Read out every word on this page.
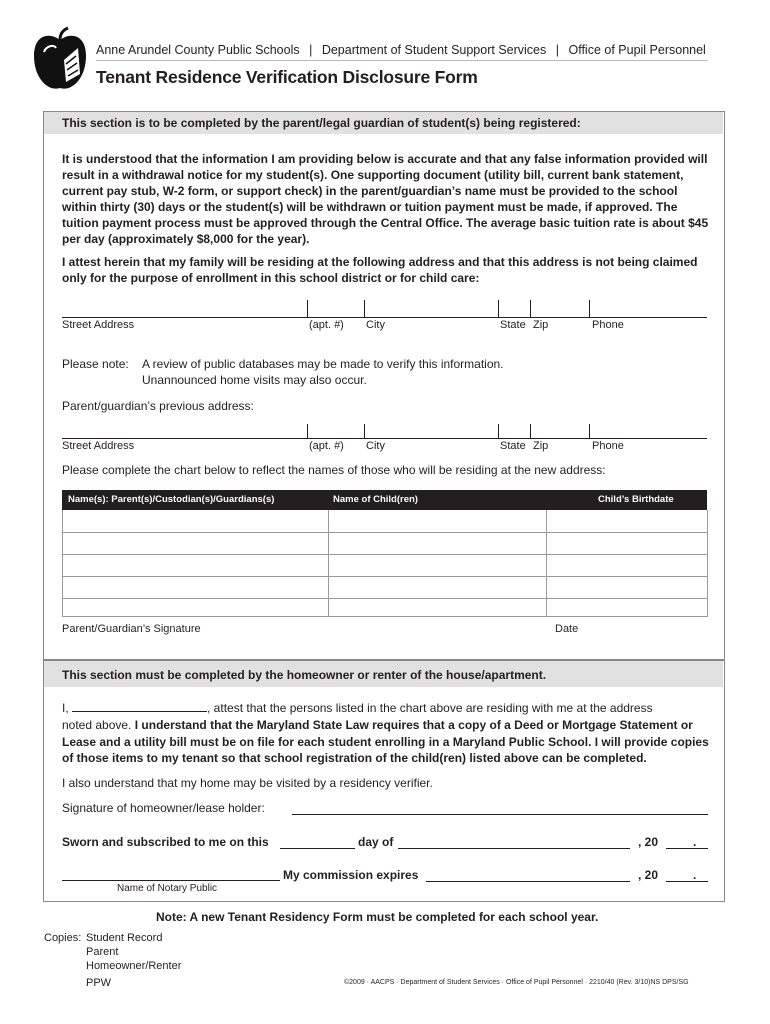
Anne Arundel County Public Schools | Department of Student Support Services | Office of Pupil Personnel
Tenant Residence Verification Disclosure Form
This section is to be completed by the parent/legal guardian of student(s) being registered:
It is understood that the information I am providing below is accurate and that any false information provided will result in a withdrawal notice for my student(s). One supporting document (utility bill, current bank statement, current pay stub, W-2 form, or support check) in the parent/guardian’s name must be provided to the school within thirty (30) days or the student(s) will be withdrawn or tuition payment must be made, if approved. The tuition payment process must be approved through the Central Office. The average basic tuition rate is about $45 per day (approximately $8,000 for the year).
I attest herein that my family will be residing at the following address and that this address is not being claimed only for the purpose of enrollment in this school district or for child care:
Street Address	(apt. #) City	State Zip	Phone
Please note: A review of public databases may be made to verify this information.
Unannounced home visits may also occur.
Parent/guardian’s previous address:
Street Address	(apt. #) City	State Zip	Phone
Please complete the chart below to reflect the names of those who will be residing at the new address:
Name(s): Parent(s)/Custodian(s)/Guardians(s)	Name of Child(ren)	Child’s Birthdate
Parent/Guardian’s Signature	Date
This section must be completed by the homeowner or renter of the house/apartment.
I,	, attest that the persons listed in the chart above are residing with me at the address
noted above. I understand that the Maryland State Law requires that a copy of a Deed or Mortgage Statement or Lease and a utility bill must be on file for each student enrolling in a Maryland Public School. I will provide copies of those items to my tenant so that school registration of the child(ren) listed above can be completed.
I also understand that my home may be visited by a residency verifier.
Signature of homeowner/lease holder:
Sworn and subscribed to me on this	day of	, 20	.
My commission expires	, 20	.
Name of Notary Public
Note: A new Tenant Residency Form must be completed for each school year.
Copies: Student Record
Parent
Homeowner/Renter
PPW	©2009 · AACPS · Department of Student Services · Office of Pupil Personnel · 2210/40 (Rev. 3/10)NS DPS/SG
